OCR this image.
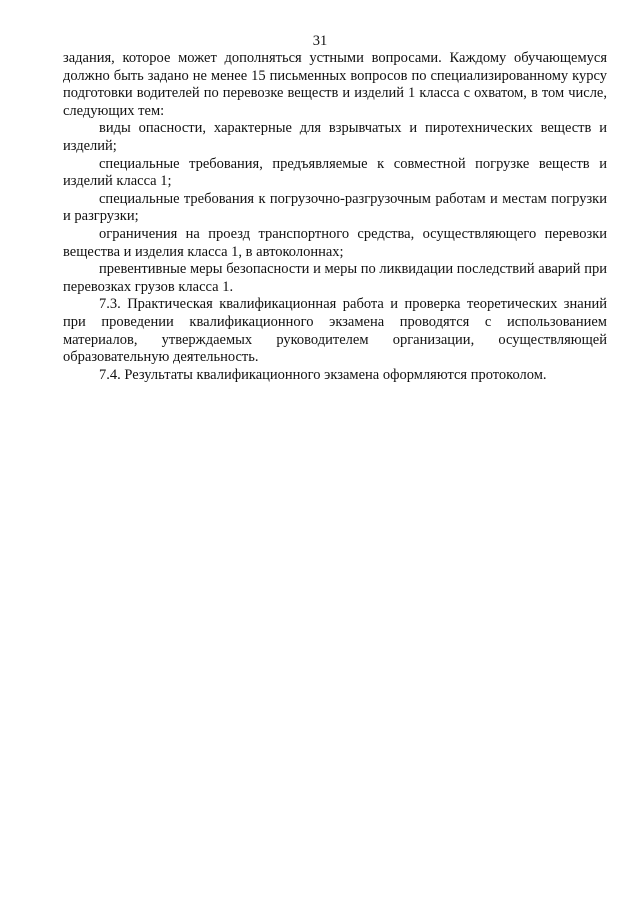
31

задания, которое может дополняться устными вопросами. Каждому обучающемуся должно быть задано не менее 15 письменных вопросов по специализированному курсу подготовки водителей по перевозке веществ и изделий 1 класса с охватом, в том числе, следующих тем:

виды опасности, характерные для взрывчатых и пиротехнических веществ и изделий;

специальные требования, предъявляемые к совместной погрузке веществ и изделий класса 1;

специальные требования к погрузочно-разгрузочным работам и местам погрузки и разгрузки;

ограничения на проезд транспортного средства, осуществляющего перевозки вещества и изделия класса 1, в автоколоннах;

превентивные меры безопасности и меры по ликвидации последствий аварий при перевозках грузов класса 1.

7.3. Практическая квалификационная работа и проверка теоретических знаний при проведении квалификационного экзамена проводятся с использованием материалов, утверждаемых руководителем организации, осуществляющей образовательную деятельность.

7.4. Результаты квалификационного экзамена оформляются протоколом.
